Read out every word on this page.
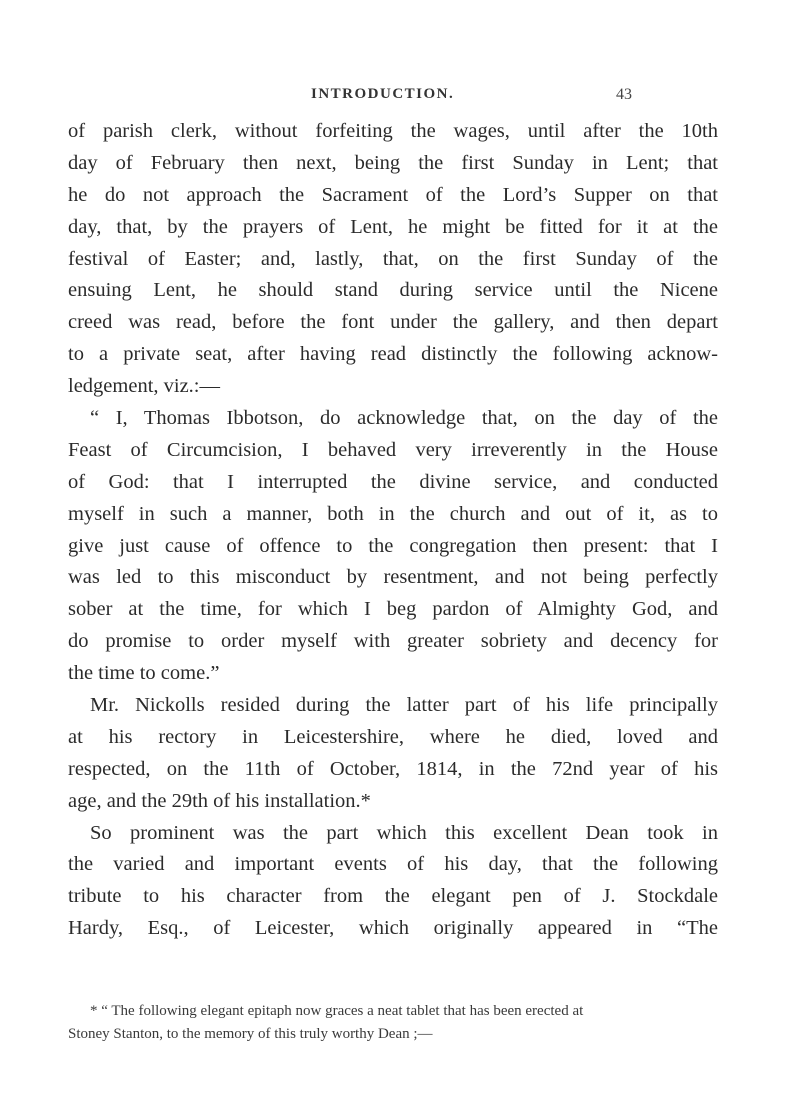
INTRODUCTION.	43
of parish clerk, without forfeiting the wages, until after the 10th
day of February then next, being the first Sunday in Lent; that
he do not approach the Sacrament of the Lord’s Supper on that
day, that, by the prayers of Lent, he might be fitted for it at the
festival of Easter; and, lastly, that, on the first Sunday of the
ensuing Lent, he should stand during service until the Nicene
creed was read, before the font under the gallery, and then depart
to a private seat, after having read distinctly the following acknow-
ledgement, viz.:—
“ I, Thomas Ibbotson, do acknowledge that, on the day of the
Feast of Circumcision, I behaved very irreverently in the House
of God: that I interrupted the divine service, and conducted
myself in such a manner, both in the church and out of it, as to
give just cause of offence to the congregation then present: that I
was led to this misconduct by resentment, and not being perfectly
sober at the time, for which I beg pardon of Almighty God, and
do promise to order myself with greater sobriety and decency for
the time to come.”
Mr. Nickolls resided during the latter part of his life principally
at his rectory in Leicestershire, where he died, loved and
respected, on the 11th of October, 1814, in the 72nd year of his
age, and the 29th of his installation.*
So prominent was the part which this excellent Dean took in
the varied and important events of his day, that the following
tribute to his character from the elegant pen of J. Stockdale
Hardy, Esq., of Leicester, which originally appeared in “The
* “ The following elegant epitaph now graces a neat tablet that has been erected at
Stoney Stanton, to the memory of this truly worthy Dean ;—
